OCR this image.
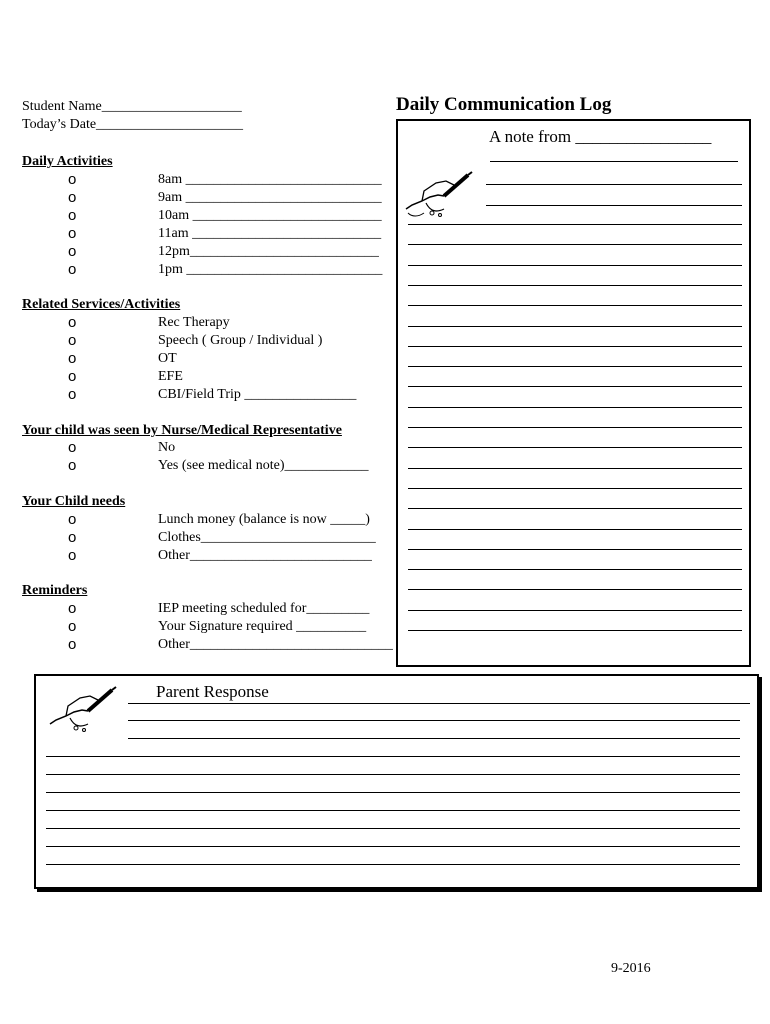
Student Name____________________
Today’s Date_____________________
Daily Activities
o	8am ____________________________
o	9am ____________________________
o	10am ___________________________
o	11am ___________________________
o	12pm___________________________
o	1pm ____________________________
Related Services/Activities
o	Rec Therapy
o	Speech ( Group / Individual )
o	OT
o	EFE
o	CBI/Field Trip ________________
Your child was seen by Nurse/Medical Representative
o	No
o	Yes (see medical note)____________
Your Child needs
o	Lunch money (balance is now _____)
o	Clothes_________________________
o	Other__________________________
Reminders
o	IEP meeting scheduled for_________
o	Your Signature required __________
o	Other_____________________________
Daily Communication Log
A note from ________________
Parent Response
9-2016
